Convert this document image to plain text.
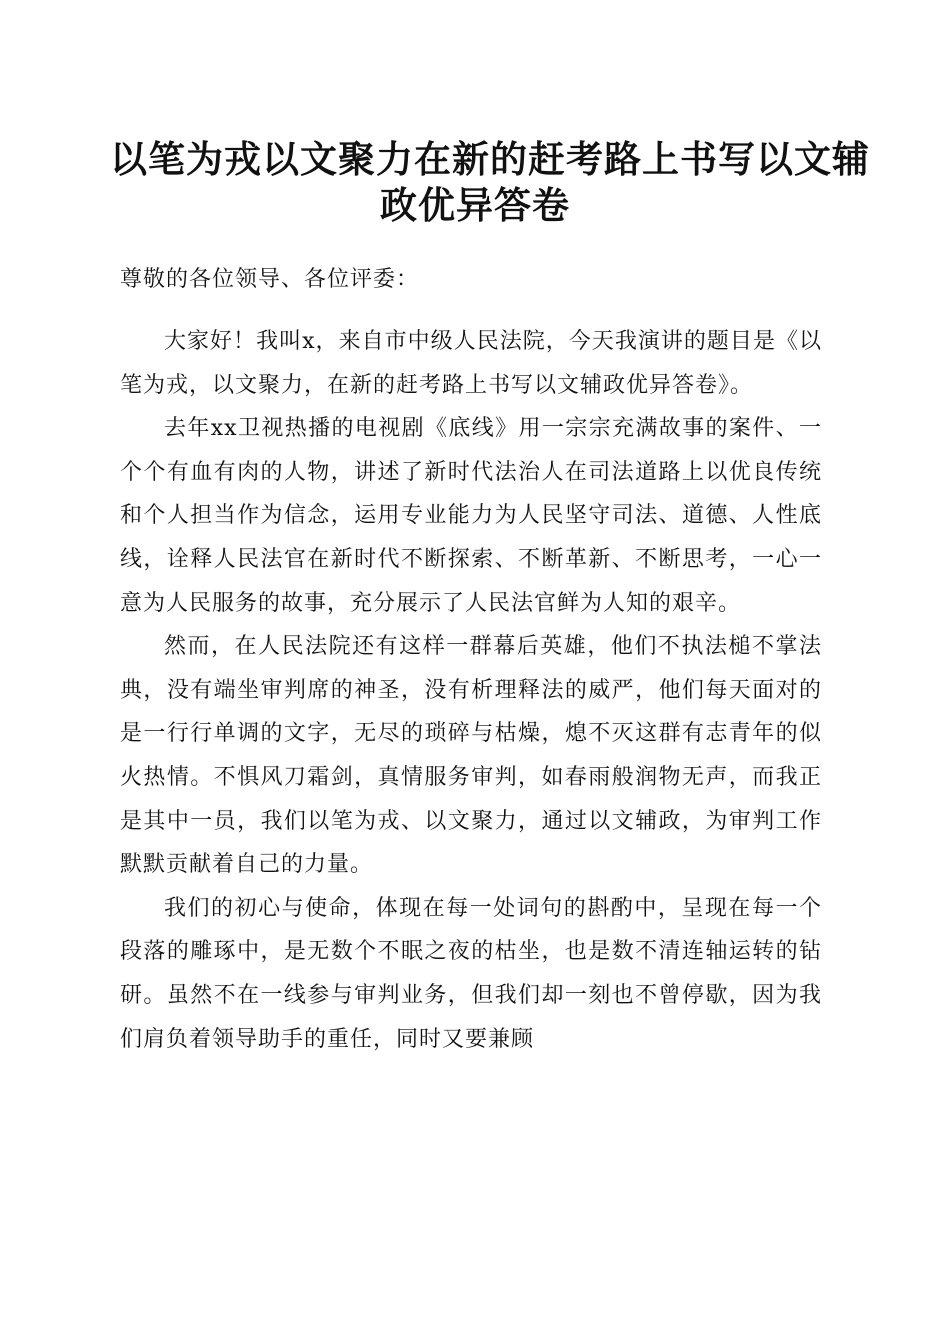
以笔为戎以文聚力在新的赶考路上书写以文辅
政优异答卷

尊敬的各位领导、各位评委：

大家好！我叫x，来自市中级人民法院，今天我演讲的题目是《以笔为戎，以文聚力，在新的赶考路上书写以文辅政优异答卷》。

去年xx卫视热播的电视剧《底线》用一宗宗充满故事的案件、一个个有血有肉的人物，讲述了新时代法治人在司法道路上以优良传统和个人担当作为信念，运用专业能力为人民坚守司法、道德、人性底线，诠释人民法官在新时代不断探索、不断革新、不断思考，一心一意为人民服务的故事，充分展示了人民法官鲜为人知的艰辛。

然而，在人民法院还有这样一群幕后英雄，他们不执法槌不掌法典，没有端坐审判席的神圣，没有析理释法的威严，他们每天面对的是一行行单调的文字，无尽的琐碎与枯燥，熄不灭这群有志青年的似火热情。不惧风刀霜剑，真情服务审判，如春雨般润物无声，而我正是其中一员，我们以笔为戎、以文聚力，通过以文辅政，为审判工作默默贡献着自己的力量。

我们的初心与使命，体现在每一处词句的斟酌中，呈现在每一个段落的雕琢中，是无数个不眠之夜的枯坐，也是数不清连轴运转的钻研。虽然不在一线参与审判业务，但我们却一刻也不曾停歇，因为我们肩负着领导助手的重任，同时又要兼顾
